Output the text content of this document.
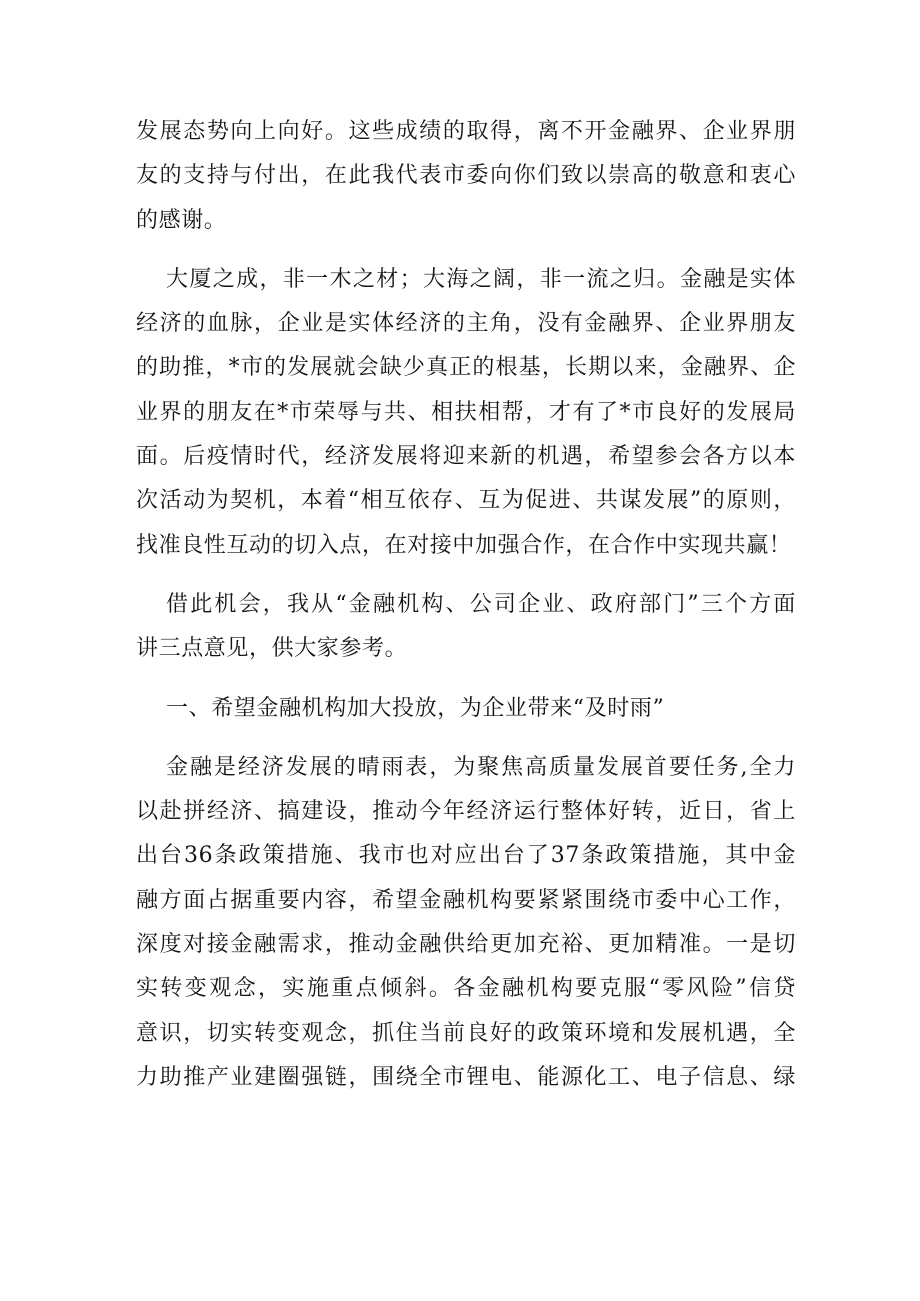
发展态势向上向好。这些成绩的取得，离不开金融界、企业界朋
友的支持与付出，在此我代表市委向你们致以崇高的敬意和衷心
的感谢。

大厦之成，非一木之材；大海之阔，非一流之归。金融是实体
经济的血脉，企业是实体经济的主角，没有金融界、企业界朋友
的助推，*市的发展就会缺少真正的根基，长期以来，金融界、企
业界的朋友在*市荣辱与共、相扶相帮，才有了*市良好的发展局
面。后疫情时代，经济发展将迎来新的机遇，希望参会各方以本
次活动为契机，本着“相互依存、互为促进、共谋发展”的原则，
找准良性互动的切入点，在对接中加强合作，在合作中实现共赢！

借此机会，我从“金融机构、公司企业、政府部门”三个方面
讲三点意见，供大家参考。

一、希望金融机构加大投放，为企业带来“及时雨”

金融是经济发展的晴雨表，为聚焦高质量发展首要任务,全力
以赴拼经济、搞建设，推动今年经济运行整体好转，近日，省上
出台36条政策措施、我市也对应出台了37条政策措施，其中金
融方面占据重要内容，希望金融机构要紧紧围绕市委中心工作，
深度对接金融需求，推动金融供给更加充裕、更加精准。一是切
实转变观念，实施重点倾斜。各金融机构要克服“零风险”信贷
意识，切实转变观念，抓住当前良好的政策环境和发展机遇，全
力助推产业建圈强链，围绕全市锂电、能源化工、电子信息、绿
